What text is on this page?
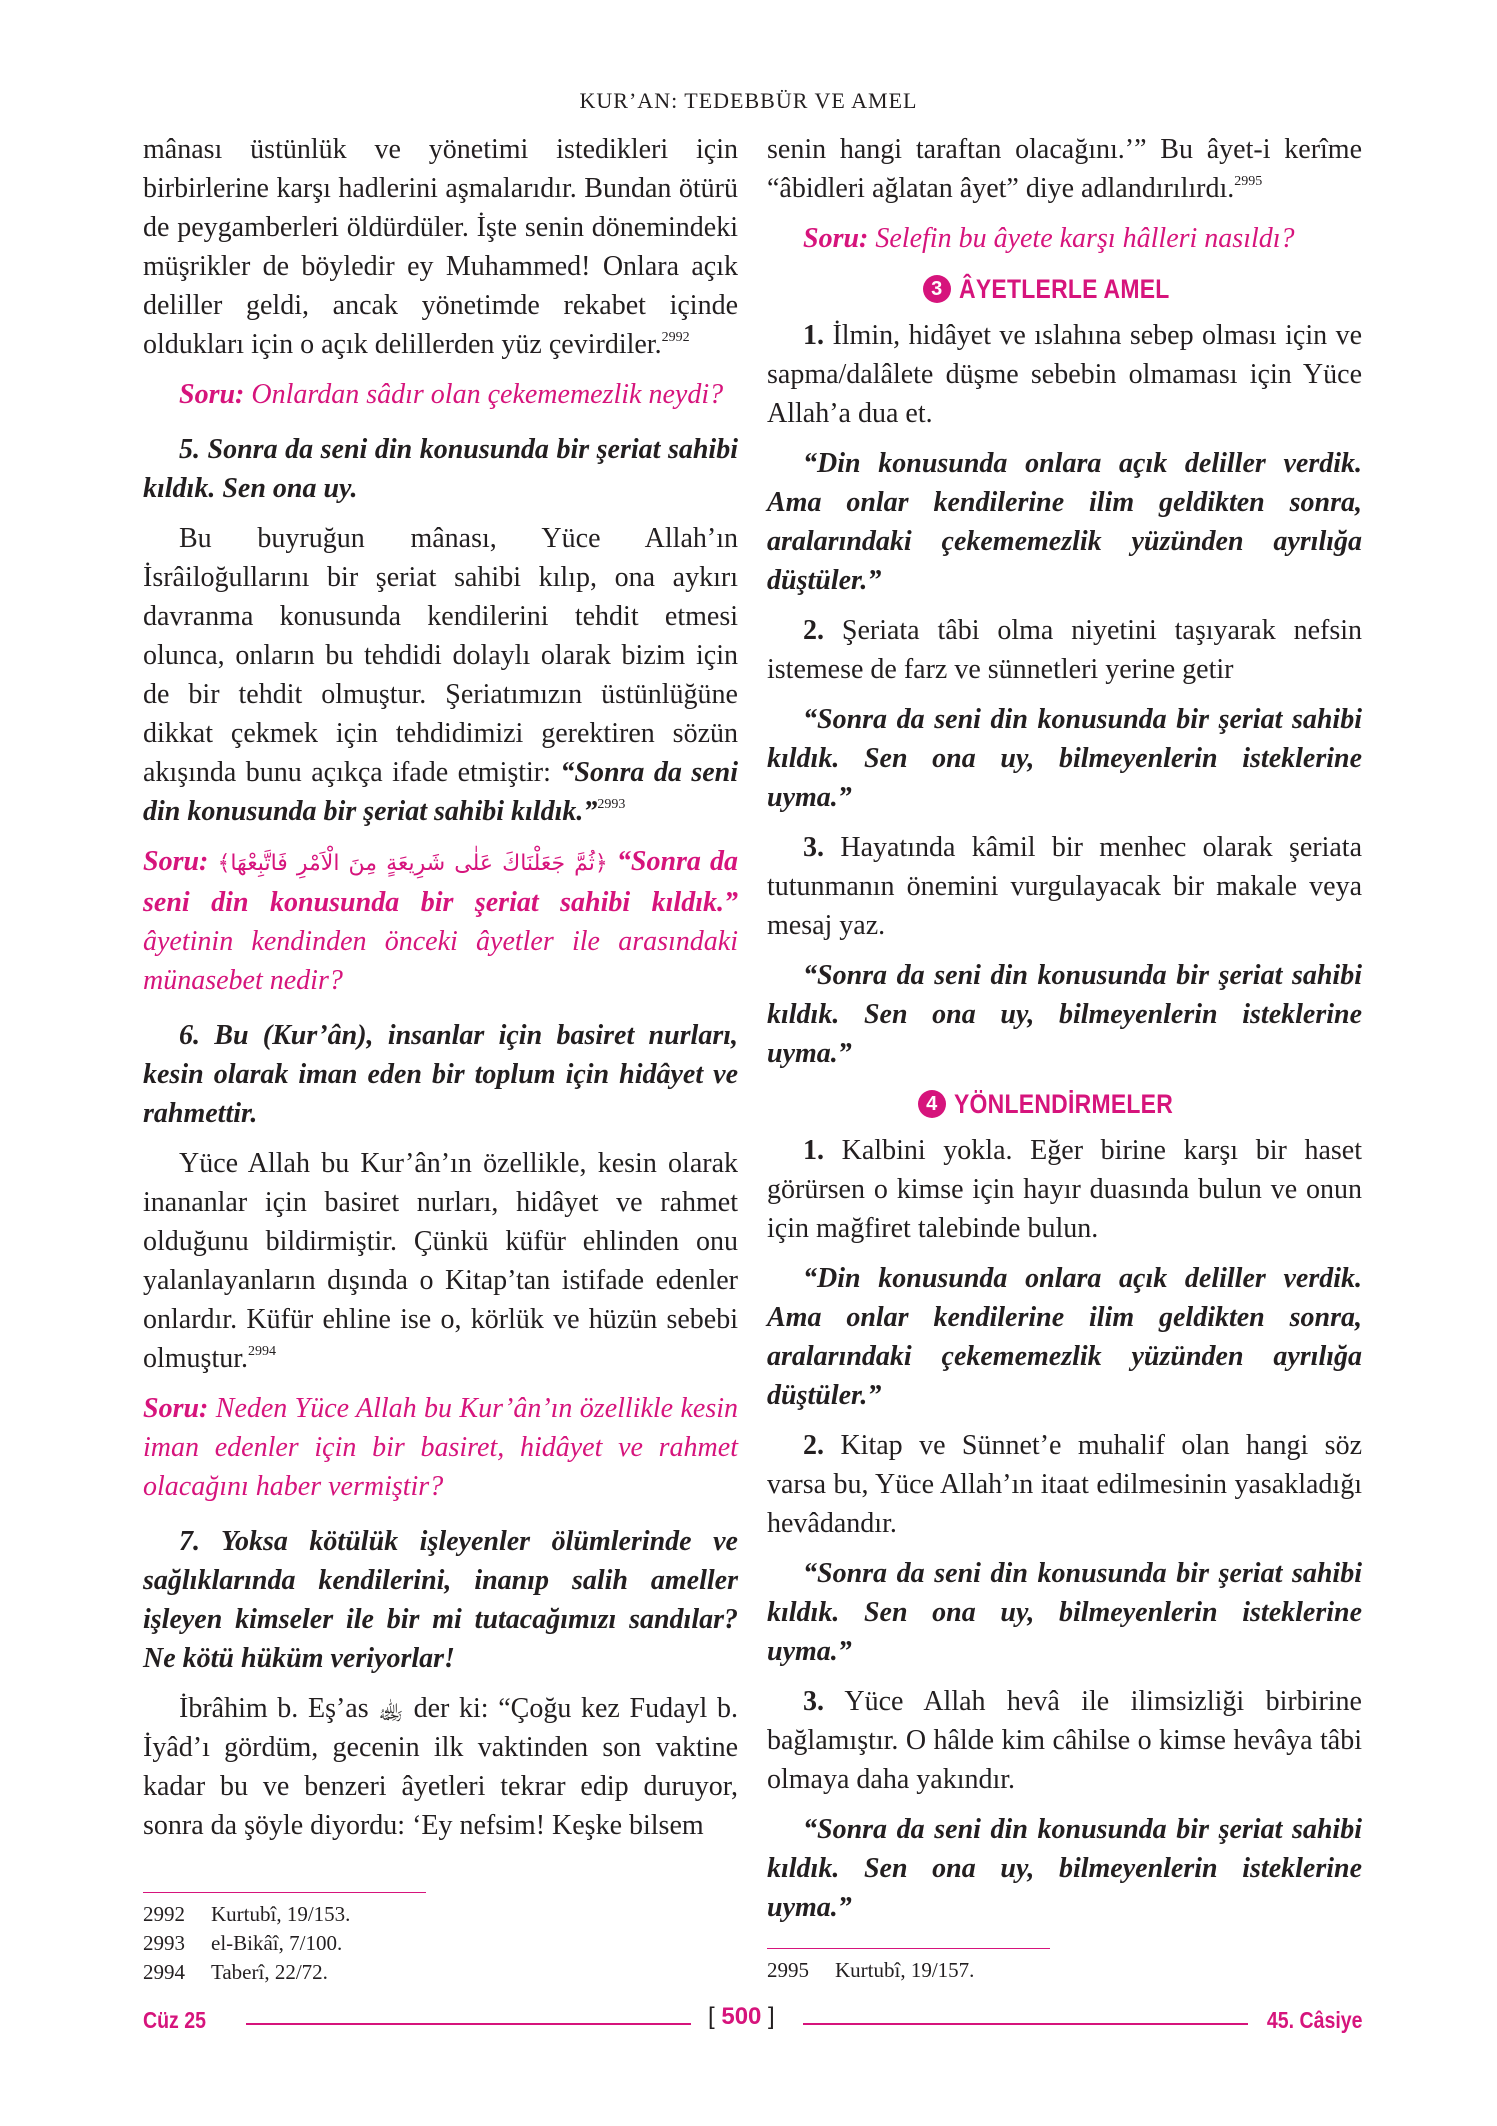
KUR’AN: TEDEBBÜR VE AMEL

mânası üstünlük ve yönetimi istedikleri için birbirlerine karşı hadlerini aşmalarıdır. Bundan ötürü de peygamberleri öldürdüler. İşte senin dönemindeki müşrikler de böyledir ey Muhammed! Onlara açık deliller geldi, ancak yönetimde rekabet içinde oldukları için o açık delillerden yüz çevirdiler.$^{2992}$

Soru: Onlardan sâdır olan çekememezlik neydi?

5. Sonra da seni din konusunda bir şeriat sahibi kıldık. Sen ona uy.

Bu buyruğun mânası, Yüce Allah’ın İsrâiloğullarını bir şeriat sahibi kılıp, ona aykırı davranma konusunda kendilerini tehdit etmesi olunca, onların bu tehdidi dolaylı olarak bizim için de bir tehdit olmuştur. Şeriatımızın üstünlüğüne dikkat çekmek için tehdidimizi gerektiren sözün akışında bunu açıkça ifade etmiştir: “Sonra da seni din konusunda bir şeriat sahibi kıldık.”$^{2993}$

Soru: ﴿ثُمَّ جَعَلْنَاكَ عَلٰى شَرِيعَةٍ مِنَ الْاَمْرِ فَاتَّبِعْهَا﴾ “Sonra da seni din konusunda bir şeriat sahibi kıldık.” âyetinin kendinden önceki âyetler ile arasındaki münasebet nedir?

6. Bu (Kur’ân), insanlar için basiret nurları, kesin olarak iman eden bir toplum için hidâyet ve rahmettir.

Yüce Allah bu Kur’ân’ın özellikle, kesin olarak inananlar için basiret nurları, hidâyet ve rahmet olduğunu bildirmiştir. Çünkü küfür ehlinden onu yalanlayanların dışında o Kitap’tan istifade edenler onlardır. Küfür ehline ise o, körlük ve hüzün sebebi olmuştur.$^{2994}$

Soru: Neden Yüce Allah bu Kur’ân’ın özellikle kesin iman edenler için bir basiret, hidâyet ve rahmet olacağını haber vermiştir?

7. Yoksa kötülük işleyenler ölümlerinde ve sağlıklarında kendilerini, inanıp salih ameller işleyen kimseler ile bir mi tutacağımızı sandılar? Ne kötü hüküm veriyorlar!

İbrâhim b. Eş’as ﵀ der ki: “Çoğu kez Fudayl b. İyâd’ı gördüm, gecenin ilk vaktinden son vaktine kadar bu ve benzeri âyetleri tekrar edip duruyor, sonra da şöyle diyordu: ‘Ey nefsim! Keşke bilsem

senin hangi taraftan olacağını.’” Bu âyet-i kerîme “âbidleri ağlatan âyet” diye adlandırılırdı.$^{2995}$

Soru: Selefin bu âyete karşı hâlleri nasıldı?

3 ÂYETLERLE AMEL

1. İlmin, hidâyet ve ıslahına sebep olması için ve sapma/dalâlete düşme sebebin olmaması için Yüce Allah’a dua et.

“Din konusunda onlara açık deliller verdik. Ama onlar kendilerine ilim geldikten sonra, aralarındaki çekememezlik yüzünden ayrılığa düştüler.”

2. Şeriata tâbi olma niyetini taşıyarak nefsin istemese de farz ve sünnetleri yerine getir

“Sonra da seni din konusunda bir şeriat sahibi kıldık. Sen ona uy, bilmeyenlerin isteklerine uyma.”

3. Hayatında kâmil bir menhec olarak şeriata tutunmanın önemini vurgulayacak bir makale veya mesaj yaz.

“Sonra da seni din konusunda bir şeriat sahibi kıldık. Sen ona uy, bilmeyenlerin isteklerine uyma.”

4 YÖNLENDİRMELER

1. Kalbini yokla. Eğer birine karşı bir haset görürsen o kimse için hayır duasında bulun ve onun için mağfiret talebinde bulun.

“Din konusunda onlara açık deliller verdik. Ama onlar kendilerine ilim geldikten sonra, aralarındaki çekememezlik yüzünden ayrılığa düştüler.”

2. Kitap ve Sünnet’e muhalif olan hangi söz varsa bu, Yüce Allah’ın itaat edilmesinin yasakladığı hevâdandır.

“Sonra da seni din konusunda bir şeriat sahibi kıldık. Sen ona uy, bilmeyenlerin isteklerine uyma.”

3. Yüce Allah hevâ ile ilimsizliği birbirine bağlamıştır. O hâlde kim câhilse o kimse hevâya tâbi olmaya daha yakındır.

“Sonra da seni din konusunda bir şeriat sahibi kıldık. Sen ona uy, bilmeyenlerin isteklerine uyma.”

2992 Kurtubî, 19/153.
2993 el-Bikâî, 7/100.
2994 Taberî, 22/72.	2995 Kurtubî, 19/157.
Cüz 25	[ 500 ]	45. Câsiye
